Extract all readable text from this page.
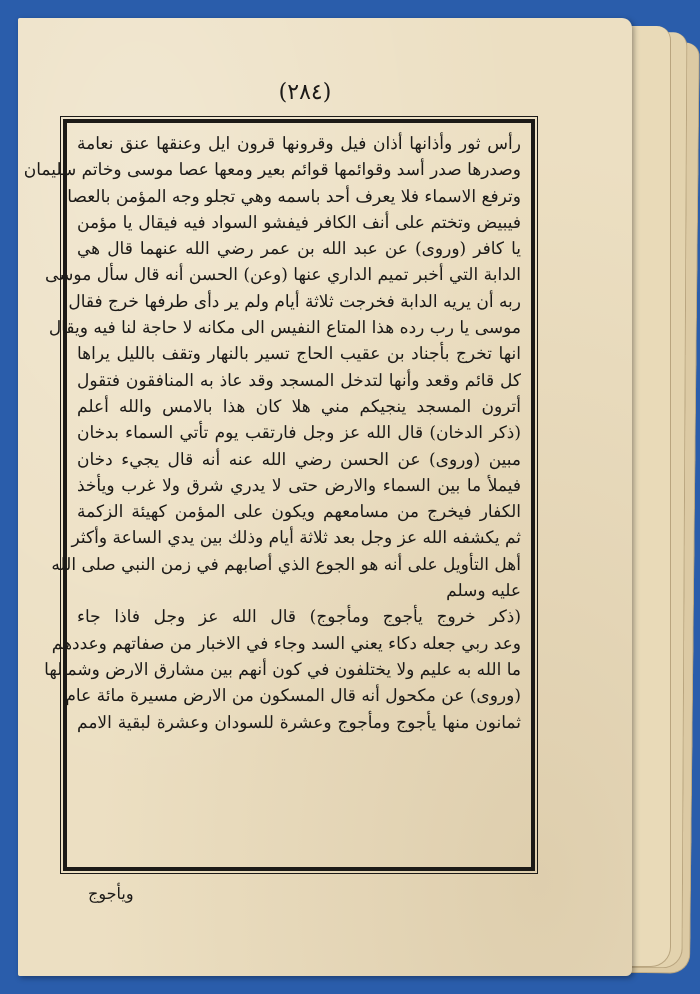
(٢٨٤)
رأس ثور وأذانها أذان فيل وقرونها قرون ايل وعنقها عنق نعامة
وصدرها صدر أسد وقوائمها قوائم بعير ومعها عصا موسى وخاتم سليمان
وترفع الاسماء فلا يعرف أحد باسمه وهي تجلو وجه المؤمن بالعصا
فيبيض وتختم على أنف الكافر فيفشو السواد فيه فيقال يا مؤمن
يا كافر (وروى) عن عبد الله بن عمر رضي الله عنهما قال هي
الدابة التي أخبر تميم الداري عنها (وعن) الحسن أنه قال سأل موسى
ربه أن يريه الدابة فخرجت ثلاثة أيام ولم ير دأى طرفها خرج فقال
موسى يا رب رده هذا المتاع النفيس الى مكانه لا حاجة لنا فيه ويقال
انها تخرج بأجناد بن عقيب الحاج تسير بالنهار وتقف بالليل يراها
كل قائم وقعد وأنها لتدخل المسجد وقد عاذ به المنافقون فتقول
أترون المسجد ينجيكم مني هلا كان هذا بالامس والله أعلم
(ذكر الدخان) قال الله عز وجل فارتقب يوم تأتي السماء بدخان
مبين (وروى) عن الحسن رضي الله عنه أنه قال يجيء دخان
فيملأ ما بين السماء والارض حتى لا يدري شرق ولا غرب ويأخذ
الكفار فيخرج من مسامعهم ويكون على المؤمن كهيئة الزكمة
ثم يكشفه الله عز وجل بعد ثلاثة أيام وذلك بين يدي الساعة وأكثر
أهل التأويل على أنه هو الجوع الذي أصابهم في زمن النبي صلى الله
عليه وسلم
(ذكر خروج يأجوج ومأجوج) قال الله عز وجل فاذا جاء
وعد ربي جعله دكاء يعني السد وجاء في الاخبار من صفاتهم وعددهم
ما الله به عليم ولا يختلفون في كون أنهم بين مشارق الارض وشمالها
(وروى) عن مكحول أنه قال المسكون من الارض مسيرة مائة عام
ثمانون منها يأجوج ومأجوج وعشرة للسودان وعشرة لبقية الامم
ويأجوج
